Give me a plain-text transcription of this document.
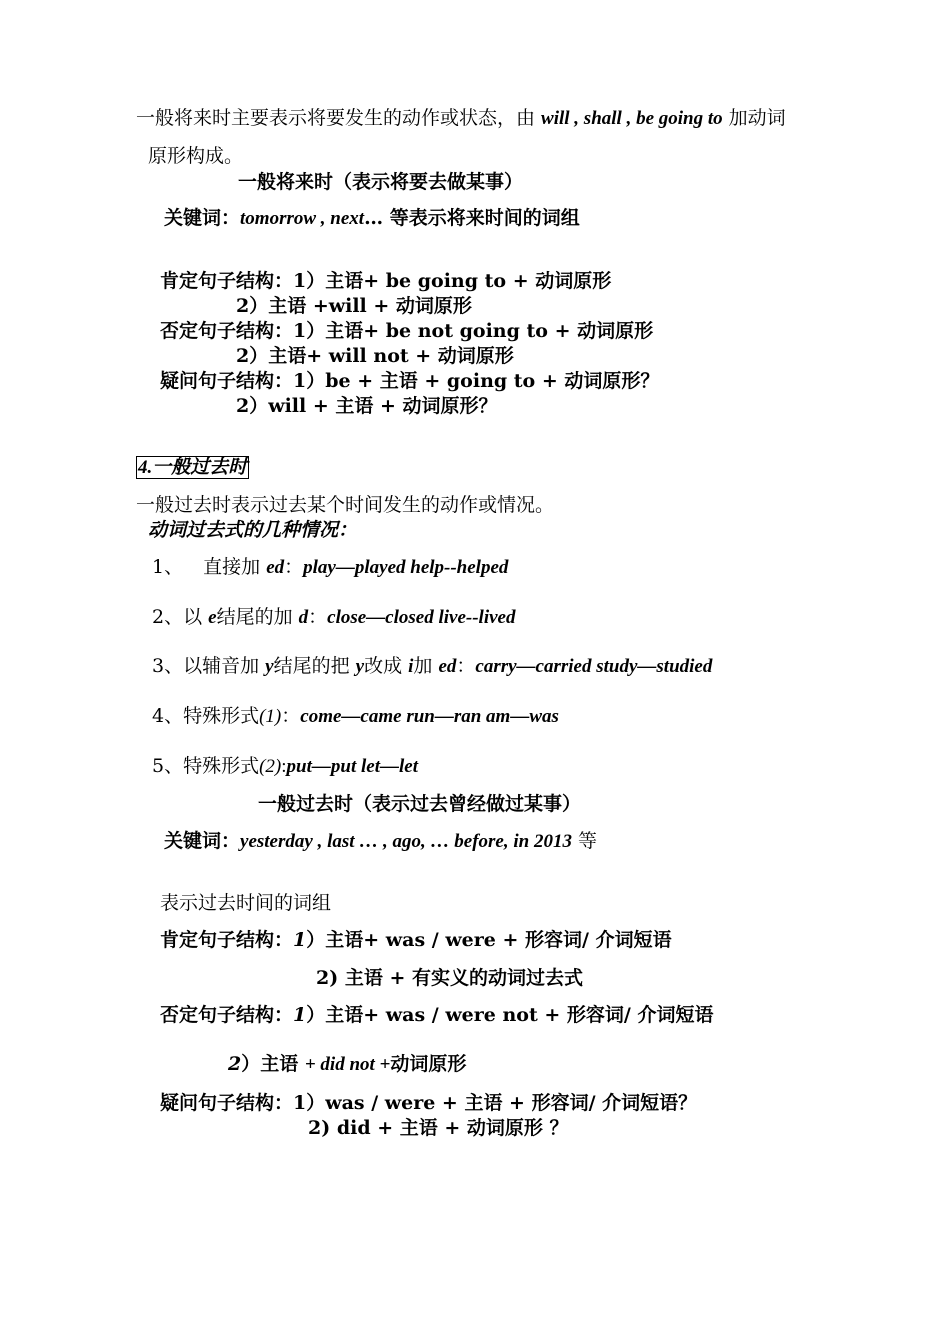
一般将来时主要表示将要发生的动作或状态，由 will , shall , be going to 加动词
原形构成。
一般将来时（表示将要去做某事）
关键词：tomorrow , next… 等表示将来时间的词组
肯定句子结构：1）主语+ be going to + 动词原形
2）主语 +will + 动词原形
否定句子结构：1）主语+ be not going to + 动词原形
2）主语+ will not + 动词原形
疑问句子结构：1）be + 主语 + going to + 动词原形？
2）will + 主语 + 动词原形？
4.一般过去时
一般过去时表示过去某个时间发生的动作或情况。
动词过去式的几种情况：
1、 直接加 ed：play—played help--helped
2、以 e结尾的加 d：close—closed live--lived
3、以辅音加 y结尾的把 y改成 i加 ed：carry—carried study—studied
4、特殊形式(1)：come—came run—ran am—was
5、特殊形式(2):put—put let—let
一般过去时（表示过去曾经做过某事）
关键词：yesterday , last … , ago, … before, in 2013 等
表示过去时间的词组
肯定句子结构：1）主语+ was / were + 形容词/ 介词短语
2) 主语 + 有实义的动词过去式
否定句子结构：1）主语+ was / were not + 形容词/ 介词短语
2）主语 + did not +动词原形
疑问句子结构：1）was / were + 主语 + 形容词/ 介词短语？
2) did + 主语 + 动词原形 ？
